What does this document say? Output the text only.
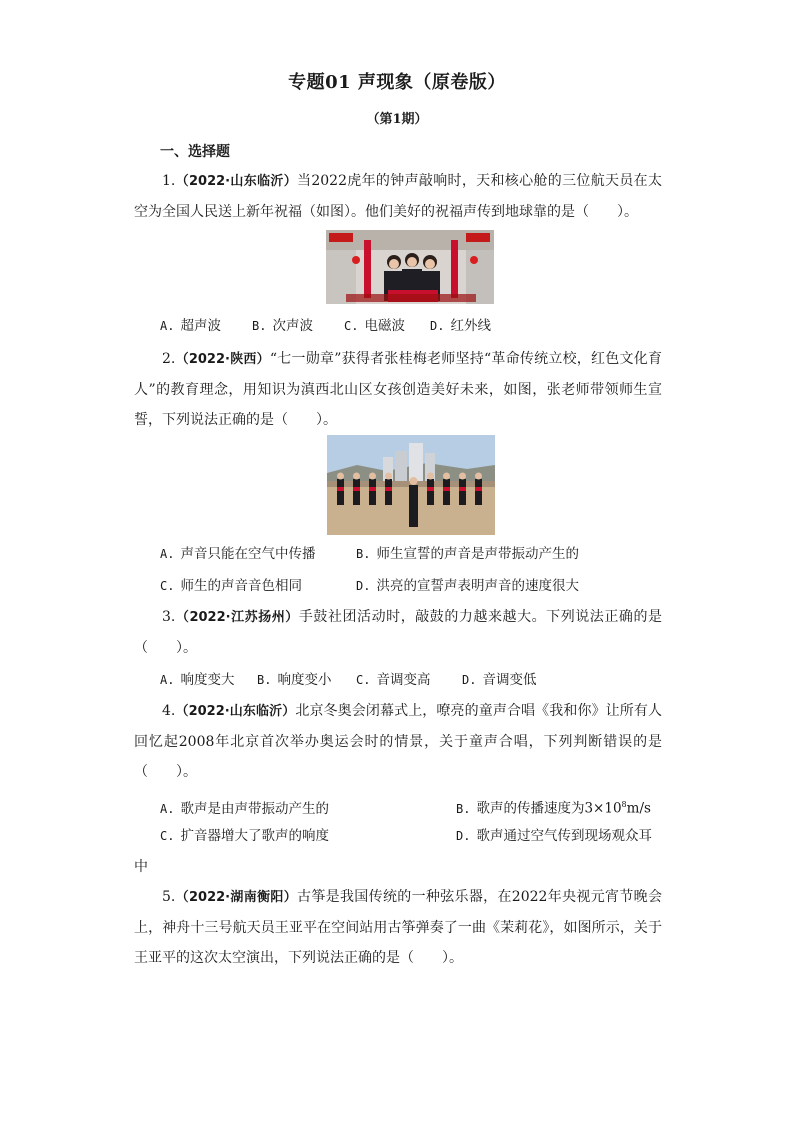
专题01 声现象（原卷版）
（第1期）
一、选择题
1.（2022·山东临沂）当2022虎年的钟声敲响时，天和核心舱的三位航天员在太空为全国人民送上新年祝福（如图）。他们美好的祝福声传到地球靠的是（　　）。
A. 超声波	B. 次声波	C. 电磁波 D. 红外线
2.（2022·陕西）“七一勋章”获得者张桂梅老师坚持“革命传统立校，红色文化育人”的教育理念，用知识为滇西北山区女孩创造美好未来，如图，张老师带领师生宣誓，下列说法正确的是（　　）。
A. 声音只能在空气中传播	B. 师生宣誓的声音是声带振动产生的
C. 师生的声音音色相同	D. 洪亮的宣誓声表明声音的速度很大
3.（2022·江苏扬州）手鼓社团活动时，敲鼓的力越来越大。下列说法正确的是（　　）。
A. 响度变大 B. 响度变小 C. 音调变高	D. 音调变低
4.（2022·山东临沂）北京冬奥会闭幕式上，嘹亮的童声合唱《我和你》让所有人回忆起2008年北京首次举办奥运会时的情景，关于童声合唱，下列判断错误的是（　　）。
A. 歌声是由声带振动产生的	B. 歌声的传播速度为$3\times 10^8m/s$
C. 扩音器增大了歌声的响度	D. 歌声通过空气传到现场观众耳
中
5.（2022·湖南衡阳）古筝是我国传统的一种弦乐器，在2022年央视元宵节晚会上，神舟十三号航天员王亚平在空间站用古筝弹奏了一曲《茉莉花》，如图所示，关于王亚平的这次太空演出，下列说法正确的是（　　）。
